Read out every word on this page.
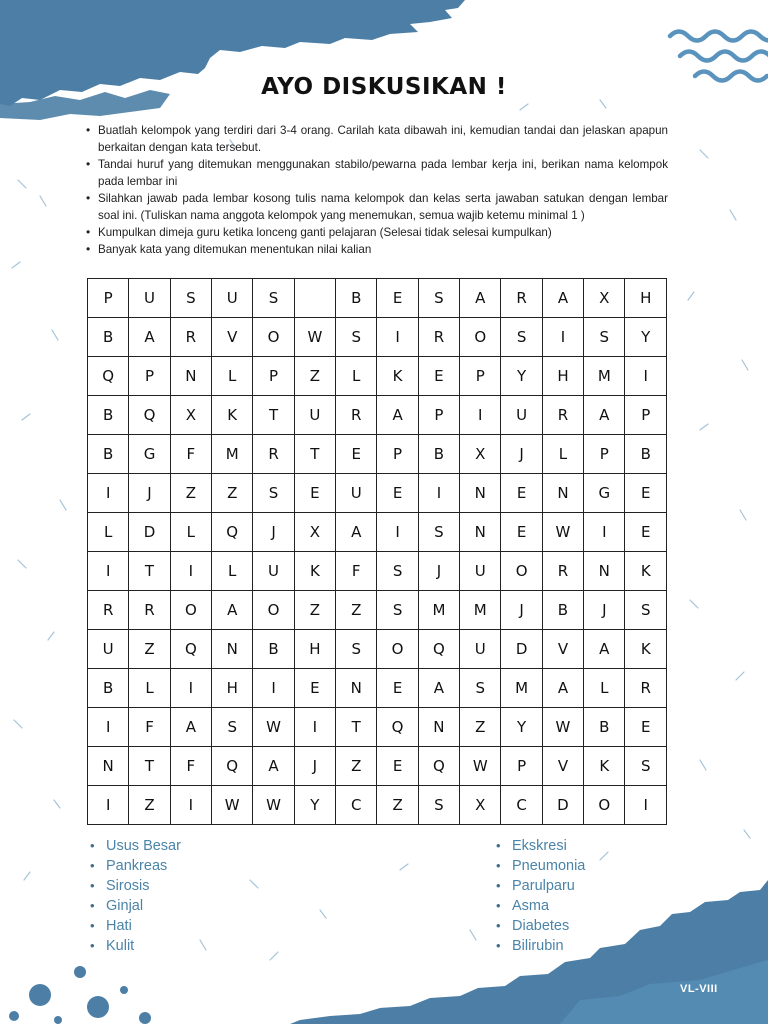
AYO DISKUSIKAN !
• Buatlah kelompok yang terdiri dari 3-4 orang. Carilah kata dibawah ini, kemudian tandai dan jelaskan apapun berkaitan dengan kata tersebut.
• Tandai huruf yang ditemukan menggunakan stabilo/pewarna pada lembar kerja ini, berikan nama kelompok pada lembar ini
• Silahkan jawab pada lembar kosong tulis nama kelompok dan kelas serta jawaban satukan dengan lembar soal ini. (Tuliskan nama anggota kelompok yang menemukan, semua wajib ketemu minimal 1 )
• Kumpulkan dimeja guru ketika lonceng ganti pelajaran (Selesai tidak selesai kumpulkan)
• Banyak kata yang ditemukan menentukan nilai kalian
P	U	S	U	S		B	E	S	A	R	A	X	H
B	A	R	V	O	W	S	I	R	O	S	I	S	Y
Q	P	N	L	P	Z	L	K	E	P	Y	H	M	I
B	Q	X	K	T	U	R	A	P	I	U	R	A	P
B	G	F	M	R	T	E	P	B	X	J	L	P	B
I	J	Z	Z	S	E	U	E	I	N	E	N	G	E
L	D	L	Q	J	X	A	I	S	N	E	W	I	E
I	T	I	L	U	K	F	S	J	U	O	R	N	K
R	R	O	A	O	Z	Z	S	M	M	J	B	J	S
U	Z	Q	N	B	H	S	O	Q	U	D	V	A	K
B	L	I	H	I	E	N	E	A	S	M	A	L	R
I	F	A	S	W	I	T	Q	N	Z	Y	W	B	E
N	T	F	Q	A	J	Z	E	Q	W	P	V	K	S
I	Z	I	W	W	Y	C	Z	S	X	C	D	O	I
• Usus Besar
• Pankreas
• Sirosis
• Ginjal
• Hati
• Kulit
• Ekskresi
• Pneumonia
• Parulparu
• Asma
• Diabetes
• Bilirubin
VL-VIII
